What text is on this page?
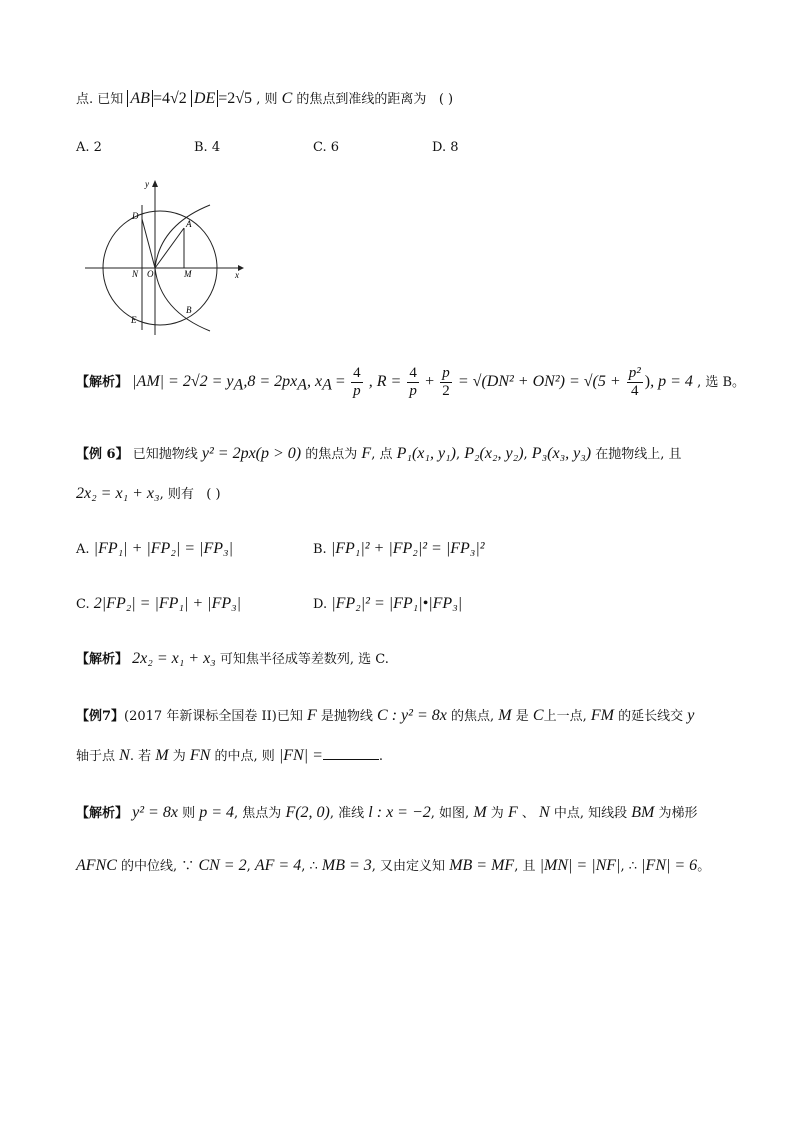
点. 已知 AB =4√2 DE =2√5 , 则 C 的焦点到准线的距离为 ( )
A. 2	B. 4	C. 6	D. 8
y
x
D
A
N O	M
E
B
【解析】 $|AM| = 2√2 = y_A,8 = 2px_A$, $x_A = \frac{4}{p}$ , $R = \frac{4}{p} + \frac{p}{2} = √(DN^2 + ON^2) = √(5 + \frac{\text{p²}}{4}$ ), p = 4 , 选 B。
【例 6】 已知抛物线 y² = 2px(p > 0) 的焦点为 F, 点 P₁(x₁, y₁), P₂(x₂, y₂), P₃(x₃, y₃) 在抛物线上, 且
2x₂ = x₁ + x₃, 则有 ( )
A. |FP₁| + |FP₂| = |FP₃|	B. |FP₁|² + |FP₂|² = |FP₃|²
C. 2|FP₂| = |FP₁| + |FP₃|	D. |FP₂|² = |FP₁|•|FP₃|
【解析】 2x₂ = x₁ + x₃ 可知焦半径成等差数列, 选 C.
【例7】(2017 年新课标全国卷 II)已知 F 是抛物线 C : y² = 8x 的焦点, M 是 C上一点, FM 的延长线交 y
轴于点 N. 若 M 为 FN 的中点, 则 |FN| =	.
【解析】 y² = 8x 则 p = 4, 焦点为 F(2, 0), 准线 l : x = −2, 如图, M 为 F 、 N 中点, 知线段 BM 为梯形
AFNC 的中位线, ∵ CN = 2, AF = 4, ∴ MB = 3, 又由定义知 MB = MF, 且 |MN| = |NF|, ∴ |FN| = 6。
